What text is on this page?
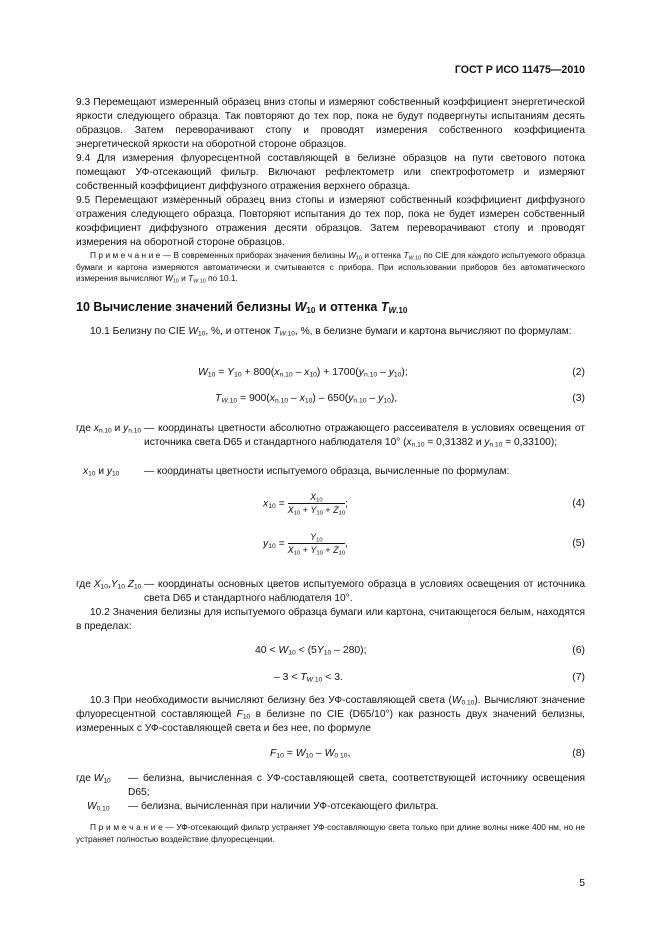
ГОСТ Р ИСО 11475—2010
9.3 Перемещают измеренный образец вниз стопы и измеряют собственный коэффициент энергетической яркости следующего образца. Так повторяют до тех пор, пока не будут подвергнуты испытаниям десять образцов. Затем переворачивают стопу и проводят измерения собственного коэффициента энергетической яркости на оборотной стороне образцов.
9.4 Для измерения флуоресцентной составляющей в белизне образцов на пути светового потока помещают УФ-отсекающий фильтр. Включают рефлектометр или спектрофотометр и измеряют собственный коэффициент диффузного отражения верхнего образца.
9.5 Перемещают измеренный образец вниз стопы и измеряют собственный коэффициент диффузного отражения следующего образца. Повторяют испытания до тех пор, пока не будет измерен собственный коэффициент диффузного отражения десяти образцов. Затем переворачивают стопу и проводят измерения на оборотной стороне образцов.
П р и м е ч а н и е — В современных приборах значения белизны $W_{10}$ и оттенка $T_{W.10}$ по CIE для каждого испытуемого образца бумаги и картона измеряются автоматически и считываются с прибора. При использовании приборов без автоматического измерения вычисляют $W_{10}$ и $T_{W.10}$ по 10.1.
10 Вычисление значений белизны $W_{10}$ и оттенка $T_{W.10}$
10.1 Белизну по CIE $W_{10}$, %, и оттенок $T_{W.10}$, %, в белизне бумаги и картона вычисляют по формулам:
$W_{10} = Y_{10} + 800(x_{n.10} - x_{10}) + 1700(y_{n.10} - y_{10})$;	(2)
$T_{W.10} = 900(x_{n.10} - x_{10}) - 650(y_{n.10} - y_{10})$,	(3)
где $x_{n.10}$ и $y_{n.10}$ — координаты цветности абсолютно отражающего рассеивателя в условиях освещения от источника света D65 и стандартного наблюдателя 10° ($x_{n.10} = 0,31382$ и $y_{n.10} = 0,33100$);
$x_{10}$ и $y_{10}$ — координаты цветности испытуемого образца, вычисленные по формулам:
$x_{10} = \frac{X_{10}}{X_{10} + Y_{10} + Z_{10}}$ ;	(4)
$y_{10} = \frac{Y_{10}}{X_{10} + Y_{10} + Z_{10}}$ ,	(5)
где $X_{10},Y_{10}$ $Z_{10}$ — координаты основных цветов испытуемого образца в условиях освещения от источника света D65 и стандартного наблюдателя 10°.
10.2 Значения белизны для испытуемого образца бумаги или картона, считающегося белым, находятся в пределах:
$40 < W_{10} < (5Y_{10} - 280)$;	(6)
– $3 < T_{W.10} < 3$.	(7)
10.3 При необходимости вычисляют белизну без УФ-составляющей света $(W_{0.10})$. Вычисляют значение флуоресцентной составляющей $F_{10}$ в белизне по CIE (D65/10°) как разность двух значений белизны, измеренных с УФ-составляющей света и без нее, по формуле
$F_{10} = W_{10} - W_{0 10}$,	(8)
где $W_{10}$ — белизна, вычисленная с УФ-составляющей света, соответствующей источнику освещения D65;
$W_{0.10}$ — белизна, вычисленная при наличии УФ-отсекающего фильтра.
П р и м е ч а н и е — УФ-отсекающий фильтр устраняет УФ-составляющую света только при длине волны ниже 400 нм, но не устраняет полностью воздействие флуоресценции.
5
